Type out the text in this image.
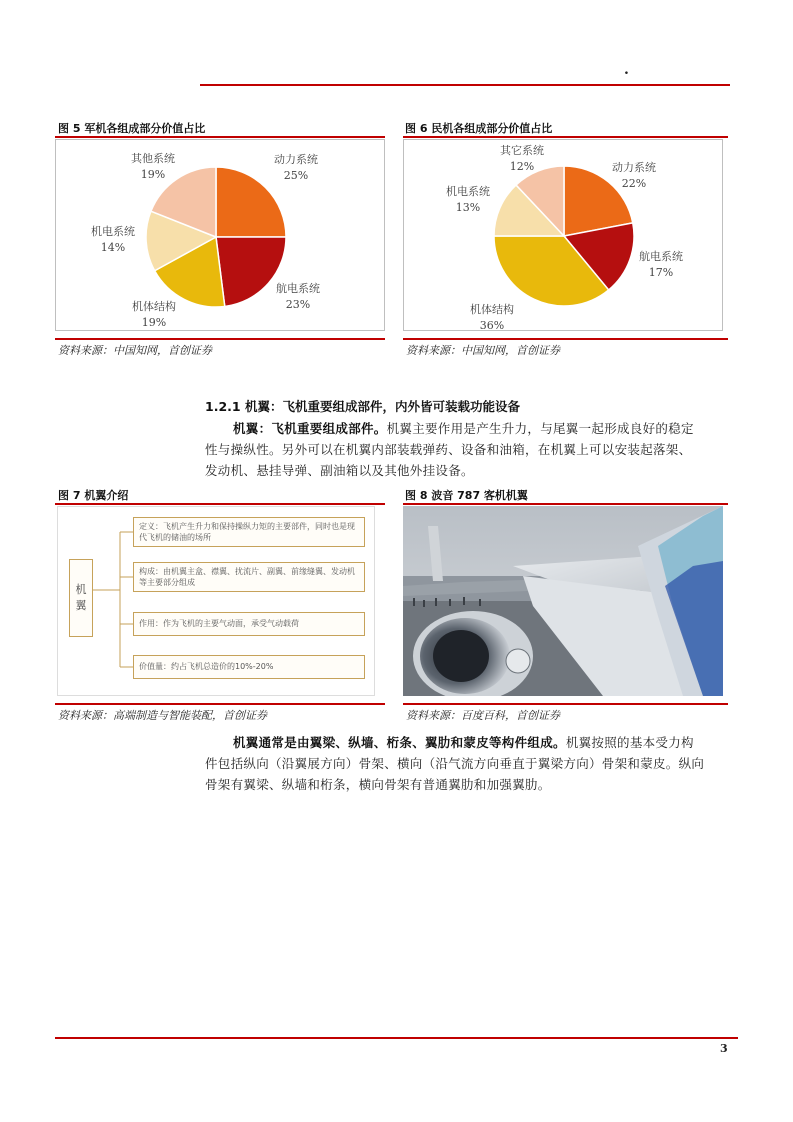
.
图 5 军机各组成部分价值占比
动力系统
25%
航电系统
23%
机体结构
19%
机电系统
14%
其他系统
19%
资料来源：中国知网，首创证券
图 6 民机各组成部分价值占比
动力系统
22%
航电系统
17%
机体结构
36%
机电系统
13%
其它系统
12%
资料来源：中国知网，首创证券
1.2.1 机翼：飞机重要组成部件，内外皆可装载功能设备
机翼：飞机重要组成部件。机翼主要作用是产生升力，与尾翼一起形成良好的稳定
性与操纵性。另外可以在机翼内部装载弹药、设备和油箱，在机翼上可以安装起落架、
发动机、悬挂导弹、副油箱以及其他外挂设备。
图 7 机翼介绍
机翼
定义：飞机产生升力和保持操纵力矩的主要部件，同时也是现代飞机的储油的场所
构成：由机翼主盒、襟翼、扰流片、副翼、前缘缝翼、发动机等主要部分组成
作用：作为飞机的主要气动面，承受气动载荷
价值量：约占飞机总造价的10%-20%
资料来源：高端制造与智能装配，首创证券
图 8 波音 787 客机机翼
资料来源：百度百科，首创证券
机翼通常是由翼梁、纵墙、桁条、翼肋和蒙皮等构件组成。机翼按照的基本受力构
件包括纵向（沿翼展方向）骨架、横向（沿气流方向垂直于翼梁方向）骨架和蒙皮。纵向
骨架有翼梁、纵墙和桁条，横向骨架有普通翼肋和加强翼肋。
3
